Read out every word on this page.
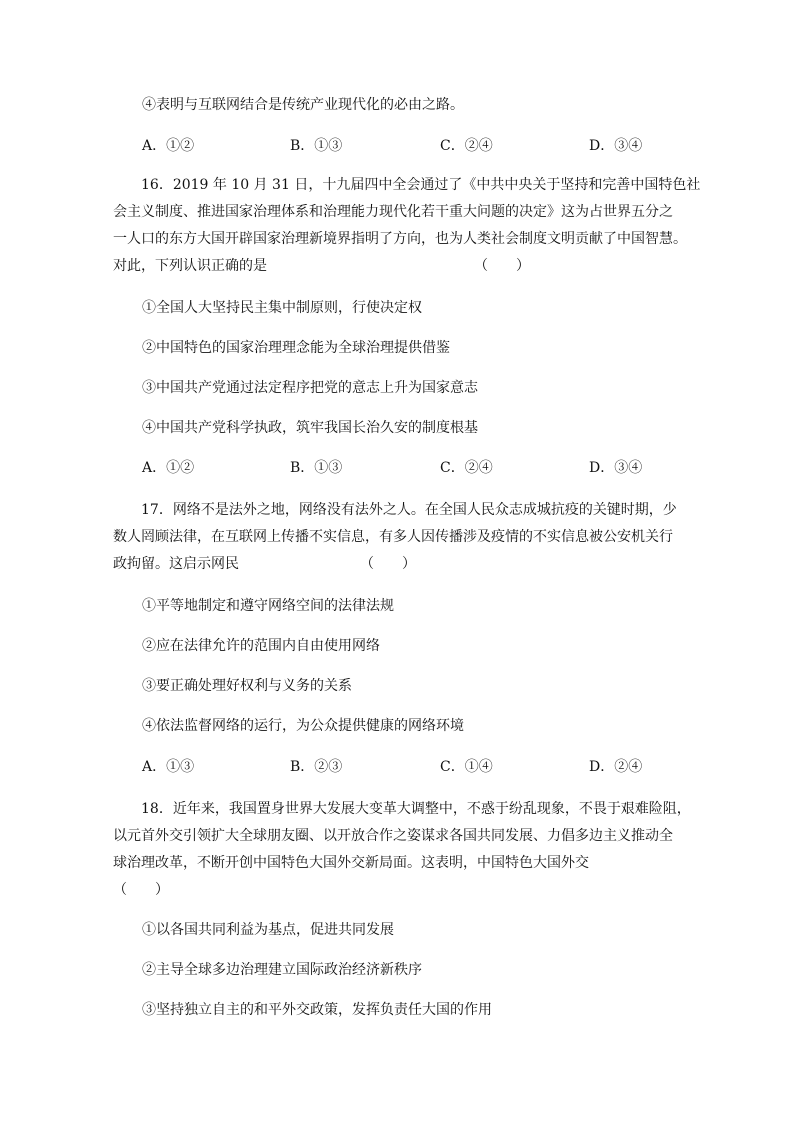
④表明与互联网结合是传统产业现代化的必由之路。
A．①②	B．①③	C．②④	D．③④
16．2019 年 10 月 31 日，十九届四中全会通过了《中共中央关于坚持和完善中国特色社
会主义制度、推进国家治理体系和治理能力现代化若干重大问题的决定》这为占世界五分之
一人口的东方大国开辟国家治理新境界指明了方向，也为人类社会制度文明贡献了中国智慧。
对此，下列认识正确的是	（　　）
①全国人大坚持民主集中制原则，行使决定权
②中国特色的国家治理理念能为全球治理提供借鉴
③中国共产党通过法定程序把党的意志上升为国家意志
④中国共产党科学执政，筑牢我国长治久安的制度根基
A．①②	B．①③	C．②④	D．③④
17．网络不是法外之地，网络没有法外之人。在全国人民众志成城抗疫的关键时期，少
数人罔顾法律，在互联网上传播不实信息，有多人因传播涉及疫情的不实信息被公安机关行
政拘留。这启示网民	（　　）
①平等地制定和遵守网络空间的法律法规
②应在法律允许的范围内自由使用网络
③要正确处理好权利与义务的关系
④依法监督网络的运行，为公众提供健康的网络环境
A．①③	B．②③	C．①④	D．②④
18．近年来，我国置身世界大发展大变革大调整中，不惑于纷乱现象，不畏于艰难险阻，
以元首外交引领扩大全球朋友圈、以开放合作之姿谋求各国共同发展、力倡多边主义推动全
球治理改革，不断开创中国特色大国外交新局面。这表明，中国特色大国外交
（　　）
①以各国共同利益为基点，促进共同发展
②主导全球多边治理建立国际政治经济新秩序
③坚持独立自主的和平外交政策，发挥负责任大国的作用
